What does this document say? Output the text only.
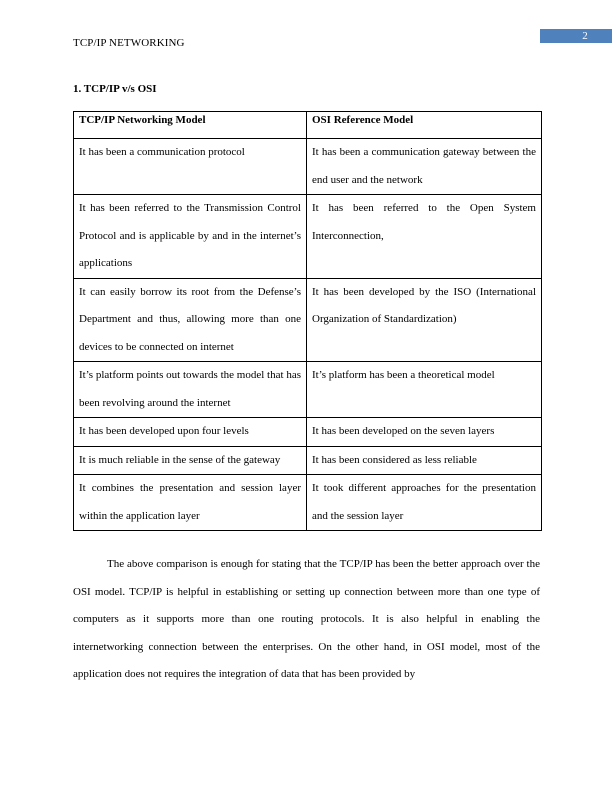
2
TCP/IP NETWORKING
1. TCP/IP v/s OSI
TCP/IP Networking Model	OSI Reference Model
It has been a communication protocol	It has been a communication gateway between the end user and the network
It has been referred to the Transmission Control Protocol and is applicable by and in the internet’s applications	It has been referred to the Open System Interconnection,
It can easily borrow its root from the Defense’s Department and thus, allowing more than one devices to be connected on internet	It has been developed by the ISO (International Organization of Standardization)
It’s platform points out towards the model that has been revolving around the internet	It’s platform has been a theoretical model
It has been developed upon four levels	It has been developed on the seven layers
It is much reliable in the sense of the gateway	It has been considered as less reliable
It combines the presentation and session layer within the application layer	It took different approaches for the presentation and the session layer

The above comparison is enough for stating that the TCP/IP has been the better approach over the OSI model. TCP/IP is helpful in establishing or setting up connection between more than one type of computers as it supports more than one routing protocols. It is also helpful in enabling the internetworking connection between the enterprises. On the other hand, in OSI model, most of the application does not requires the integration of data that has been provided by
